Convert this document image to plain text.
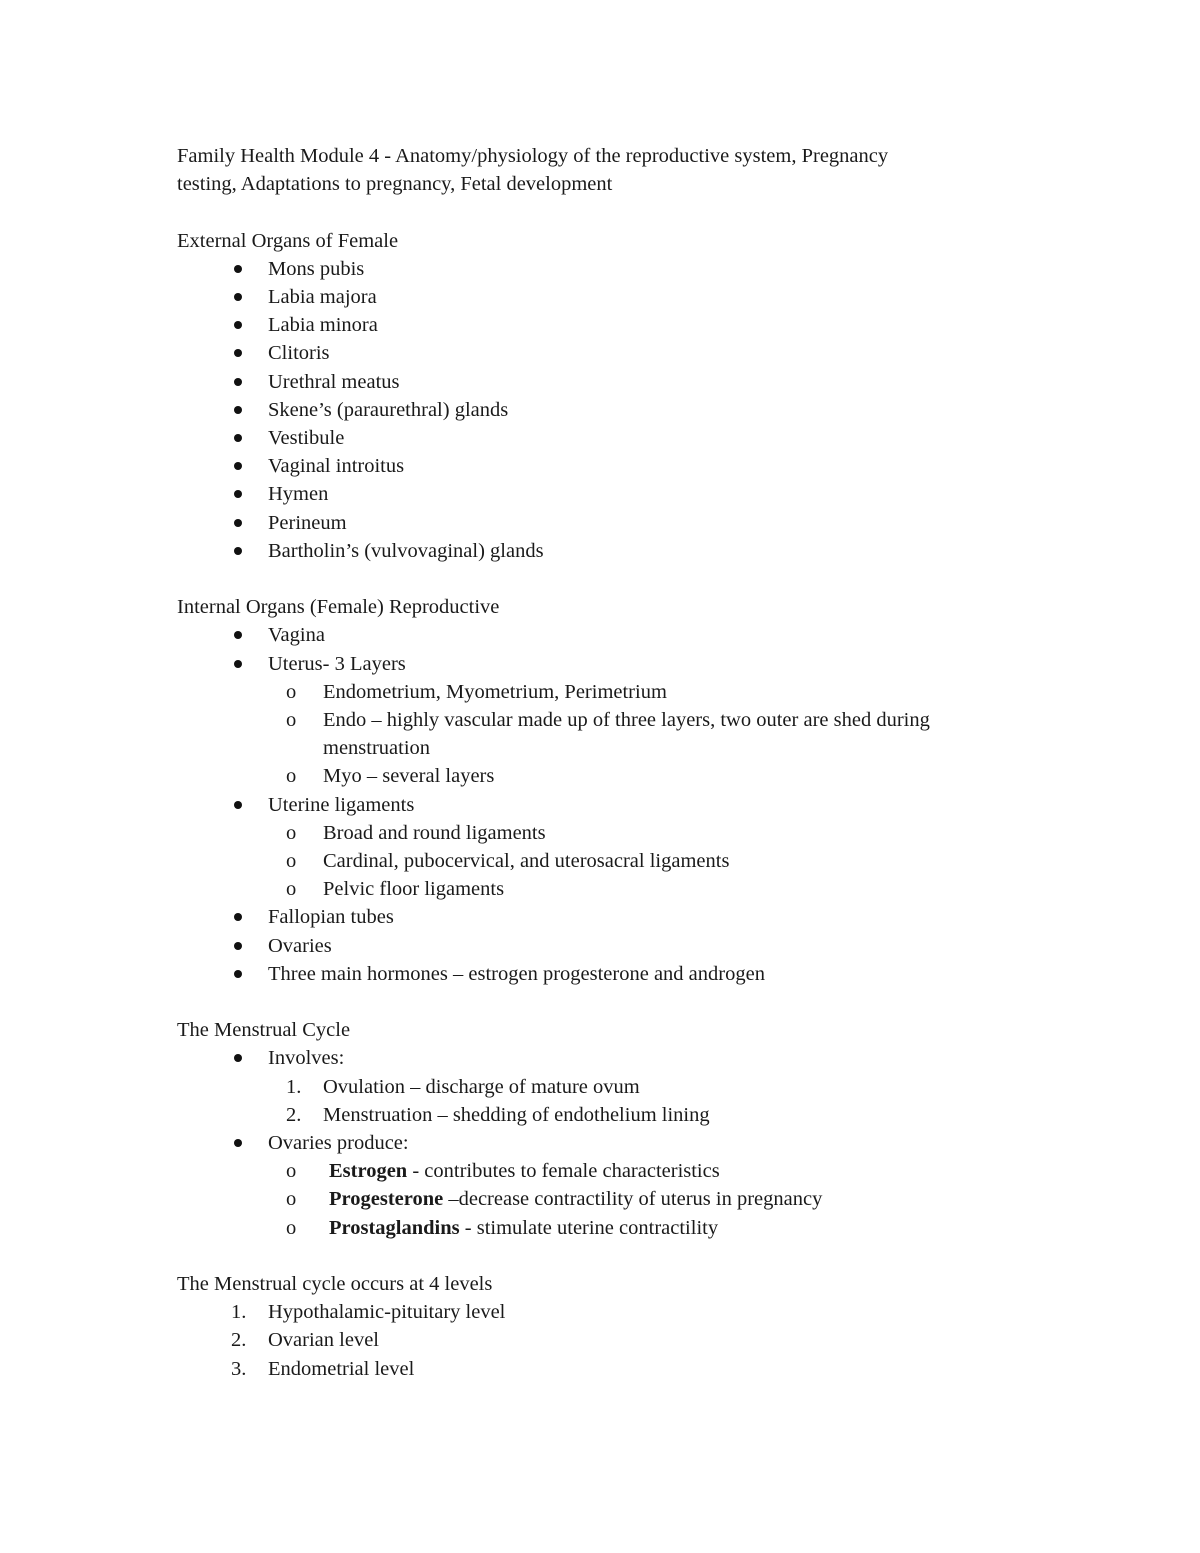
Family Health Module 4 - Anatomy/physiology of the reproductive system, Pregnancy

testing, Adaptations to pregnancy, Fetal development

External Organs of Female

Mons pubis
Labia majora
Labia minora
Clitoris
Urethral meatus
Skene’s (paraurethral) glands
Vestibule
Vaginal introitus
Hymen
Perineum
Bartholin’s (vulvovaginal) glands

Internal Organs (Female) Reproductive

Vagina
Uterus- 3 Layers
o	Endometrium, Myometrium, Perimetrium
o	Endo – highly vascular made up of three layers, two outer are shed during
menstruation
o	Myo – several layers
Uterine ligaments
o	Broad and round ligaments
o	Cardinal, pubocervical, and uterosacral ligaments
o	Pelvic floor ligaments
Fallopian tubes
Ovaries
Three main hormones – estrogen progesterone and androgen

The Menstrual Cycle

Involves:
1. Ovulation – discharge of mature ovum
2. Menstruation – shedding of endothelium lining
Ovaries produce:
o	Estrogen - contributes to female characteristics
o	Progesterone –decrease contractility of uterus in pregnancy
o	Prostaglandins - stimulate uterine contractility

The Menstrual cycle occurs at 4 levels

1. Hypothalamic-pituitary level
2. Ovarian level
3. Endometrial level
